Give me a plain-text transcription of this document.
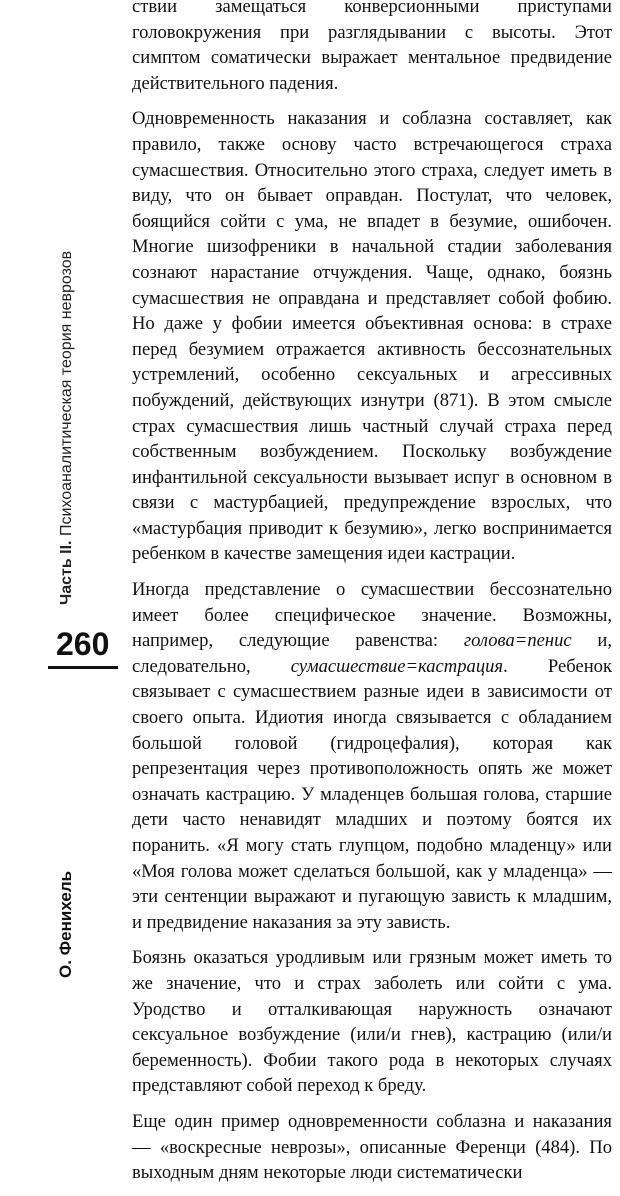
Часть II. Психоаналитическая теория неврозов
260
О. Фенихель

ствии замещаться конверсионными приступами головокружения при разглядывании с высоты. Этот симптом соматически выражает ментальное предвидение действительного падения.

Одновременность наказания и соблазна составляет, как правило, также основу часто встречающегося страха сумасшествия. Относительно этого страха, следует иметь в виду, что он бывает оправдан. Постулат, что человек, боящийся сойти с ума, не впадет в безумие, ошибочен. Многие шизофреники в начальной стадии заболевания сознают нарастание отчуждения. Чаще, однако, боязнь сумасшествия не оправдана и представляет собой фобию. Но даже у фобии имеется объективная основа: в страхе перед безумием отражается активность бессознательных устремлений, особенно сексуальных и агрессивных побуждений, действующих изнутри (871). В этом смысле страх сумасшествия лишь частный случай страха перед собственным возбуждением. Поскольку возбуждение инфантильной сексуальности вызывает испуг в основном в связи с мастурбацией, предупреждение взрослых, что «мастурбация приводит к безумию», легко воспринимается ребенком в качестве замещения идеи кастрации.

Иногда представление о сумасшествии бессознательно имеет более специфическое значение. Возможны, например, следующие равенства: голова=пенис и, следовательно, сумасшествие=кастрация. Ребенок связывает с сумасшествием разные идеи в зависимости от своего опыта. Идиотия иногда связывается с обладанием большой головой (гидроцефалия), которая как репрезентация через противоположность опять же может означать кастрацию. У младенцев большая голова, старшие дети часто ненавидят младших и поэтому боятся их поранить. «Я могу стать глупцом, подобно младенцу» или «Моя голова может сделаться большой, как у младенца» — эти сентенции выражают и пугающую зависть к младшим, и предвидение наказания за эту зависть.

Боязнь оказаться уродливым или грязным может иметь то же значение, что и страх заболеть или сойти с ума. Уродство и отталкивающая наружность означают сексуальное возбуждение (или/и гнев), кастрацию (или/и беременность). Фобии такого рода в некоторых случаях представляют собой переход к бреду.

Еще один пример одновременности соблазна и наказания — «воскресные неврозы», описанные Ференци (484). По выходным дням некоторые люди систематически
